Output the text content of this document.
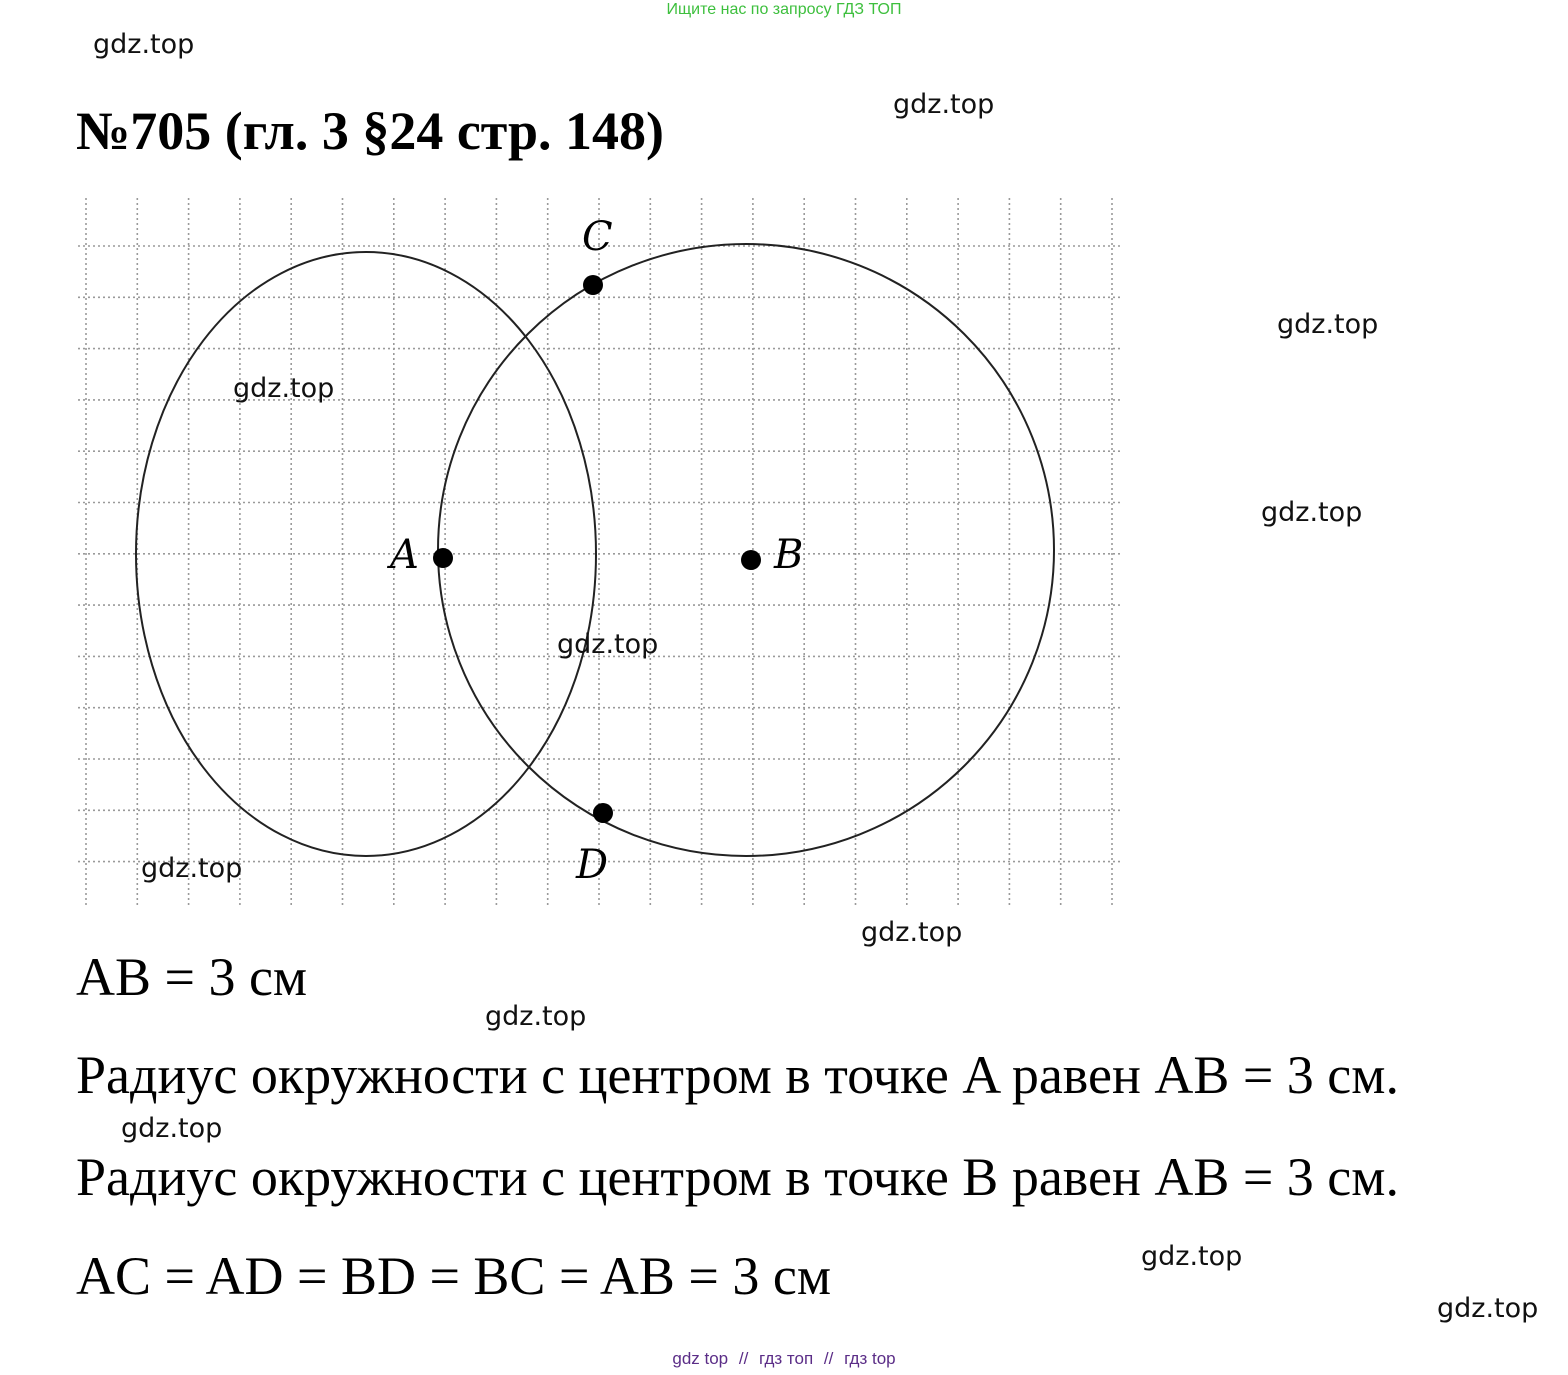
Ищите нас по запросу ГДЗ ТОП
№705 (гл. 3 §24 стр. 148)
gdz.top
gdz.top
gdz.top
gdz.top
gdz.top
gdz.top
gdz.top
gdz.top
gdz.top
A	B
C
D
gdz.top
gdz.top
gdz.top
AB = 3 см
Радиус окружности с центром в точке A равен AB = 3 см.
Радиус окружности с центром в точке B равен AB = 3 см.
AC = AD = BD = BC = AB = 3 см
gdz top // гдз топ // гдз top
